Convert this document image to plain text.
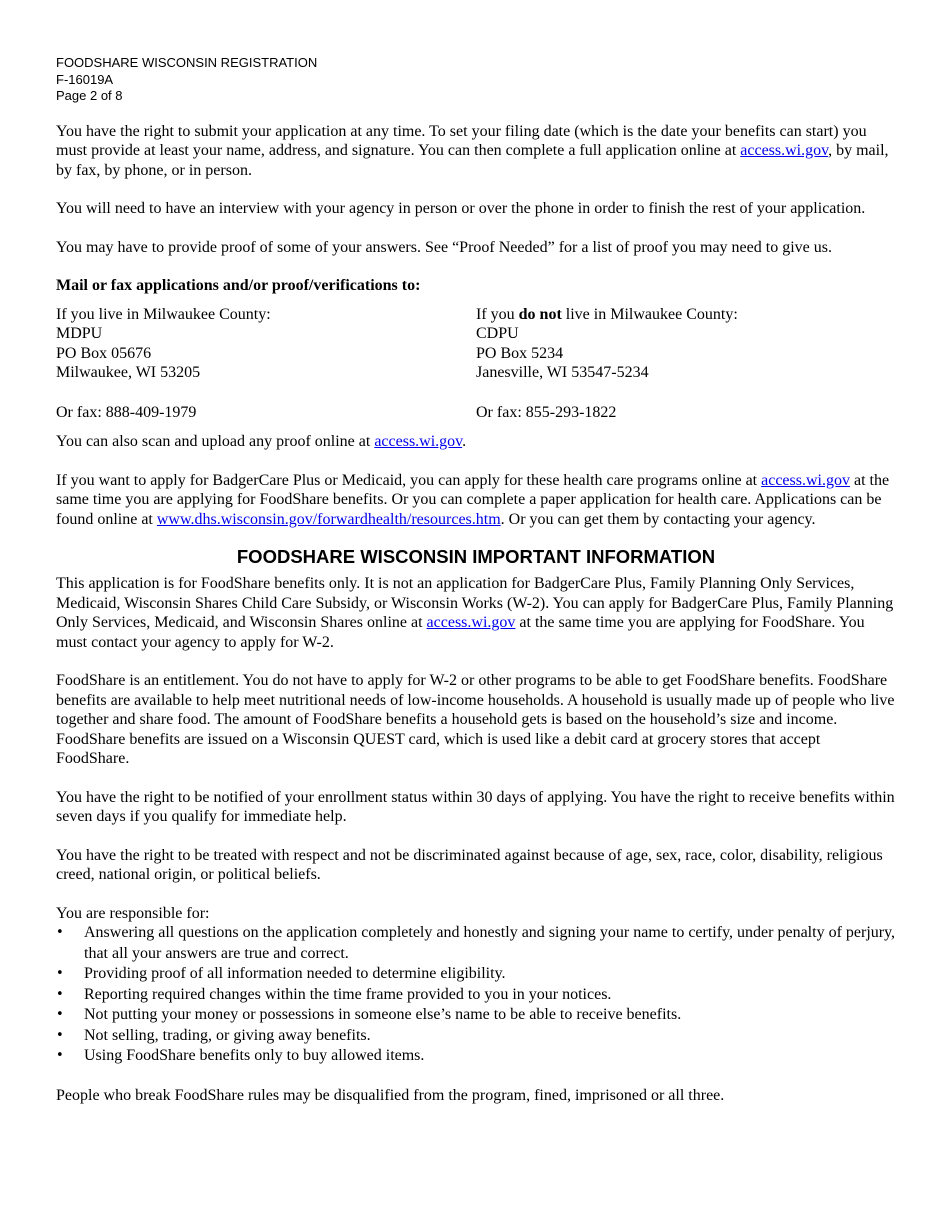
FOODSHARE WISCONSIN REGISTRATION
F-16019A
Page 2 of 8

You have the right to submit your application at any time. To set your filing date (which is the date your benefits can start) you must provide at least your name, address, and signature. You can then complete a full application online at access.wi.gov, by mail, by fax, by phone, or in person.

You will need to have an interview with your agency in person or over the phone in order to finish the rest of your application.

You may have to provide proof of some of your answers. See “Proof Needed” for a list of proof you may need to give us.

Mail or fax applications and/or proof/verifications to:

If you live in Milwaukee County:

MDPU

PO Box 05676

Milwaukee, WI 53205

If you do not live in Milwaukee County:

CDPU

PO Box 5234

Janesville, WI 53547-5234

Or fax: 888-409-1979	Or fax: 855-293-1822

You can also scan and upload any proof online at access.wi.gov.

If you want to apply for BadgerCare Plus or Medicaid, you can apply for these health care programs online at access.wi.gov at the same time you are applying for FoodShare benefits. Or you can complete a paper application for health care. Applications can be found online at www.dhs.wisconsin.gov/forwardhealth/resources.htm. Or you can get them by contacting your agency.

FOODSHARE WISCONSIN IMPORTANT INFORMATION

This application is for FoodShare benefits only. It is not an application for BadgerCare Plus, Family Planning Only Services, Medicaid, Wisconsin Shares Child Care Subsidy, or Wisconsin Works (W-2). You can apply for BadgerCare Plus, Family Planning Only Services, Medicaid, and Wisconsin Shares online at access.wi.gov at the same time you are applying for FoodShare. You must contact your agency to apply for W-2.

FoodShare is an entitlement. You do not have to apply for W-2 or other programs to be able to get FoodShare benefits. FoodShare benefits are available to help meet nutritional needs of low-income households. A household is usually made up of people who live together and share food. The amount of FoodShare benefits a household gets is based on the household’s size and income. FoodShare benefits are issued on a Wisconsin QUEST card, which is used like a debit card at grocery stores that accept FoodShare.

You have the right to be notified of your enrollment status within 30 days of applying. You have the right to receive benefits within seven days if you qualify for immediate help.

You have the right to be treated with respect and not be discriminated against because of age, sex, race, color, disability, religious creed, national origin, or political beliefs.

You are responsible for:

• Answering all questions on the application completely and honestly and signing your name to certify, under penalty of perjury, that all your answers are true and correct.
• Providing proof of all information needed to determine eligibility.
• Reporting required changes within the time frame provided to you in your notices.
• Not putting your money or possessions in someone else’s name to be able to receive benefits.
• Not selling, trading, or giving away benefits.
• Using FoodShare benefits only to buy allowed items.

People who break FoodShare rules may be disqualified from the program, fined, imprisoned or all three.
